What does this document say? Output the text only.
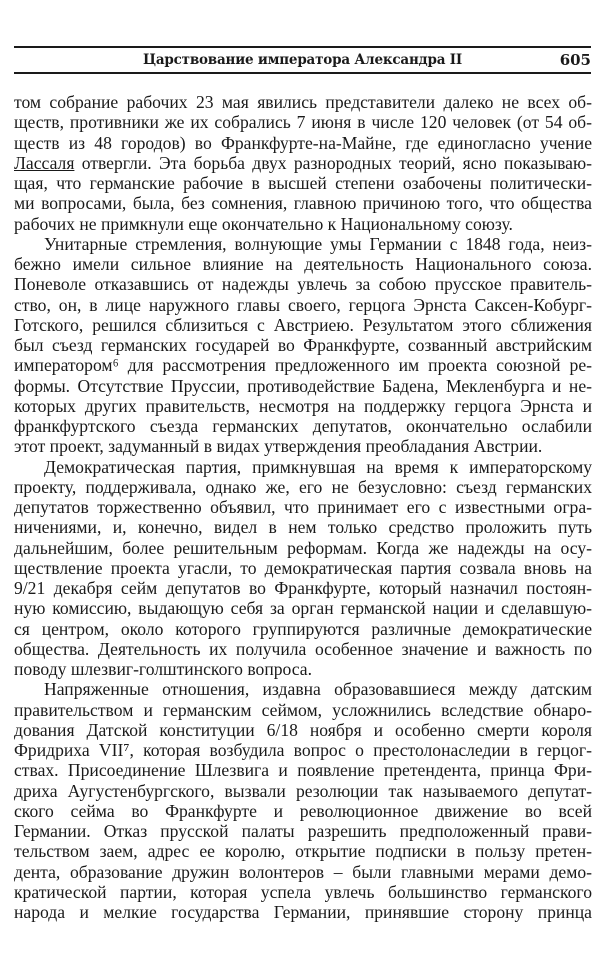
Царствование императора Александра II	605
том собрание рабочих 23 мая явились представители далеко не всех об-
ществ, противники же их собрались 7 июня в числе 120 человек (от 54 об-
ществ из 48 городов) во Франкфурте-на-Майне, где единогласно учение
Лассаля отвергли. Эта борьба двух разнородных теорий, ясно показываю-
щая, что германские рабочие в высшей степени озабочены политически-
ми вопросами, была, без сомнения, главною причиною того, что общества
рабочих не примкнули еще окончательно к Национальному союзу.
Унитарные стремления, волнующие умы Германии с 1848 года, неиз-
бежно имели сильное влияние на деятельность Национального союза.
Поневоле отказавшись от надежды увлечь за собою прусское правитель-
ство, он, в лице наружного главы своего, герцога Эрнста Саксен-Кобург-
Готского, решился сблизиться с Австриею. Результатом этого сближения
был съезд германских государей во Франкфурте, созванный австрийским
императором⁶ для рассмотрения предложенного им проекта союзной ре-
формы. Отсутствие Пруссии, противодействие Бадена, Мекленбурга и не-
которых других правительств, несмотря на поддержку герцога Эрнста и
франкфуртского съезда германских депутатов, окончательно ослабили
этот проект, задуманный в видах утверждения преобладания Австрии.
Демократическая партия, примкнувшая на время к императорскому
проекту, поддерживала, однако же, его не безусловно: съезд германских
депутатов торжественно объявил, что принимает его с известными огра-
ничениями, и, конечно, видел в нем только средство проложить путь
дальнейшим, более решительным реформам. Когда же надежды на осу-
ществление проекта угасли, то демократическая партия созвала вновь на
9/21 декабря сейм депутатов во Франкфурте, который назначил постоян-
ную комиссию, выдающую себя за орган германской нации и сделавшую-
ся центром, около которого группируются различные демократические
общества. Деятельность их получила особенное значение и важность по
поводу шлезвиг-голштинского вопроса.
Напряженные отношения, издавна образовавшиеся между датским
правительством и германским сеймом, усложнились вследствие обнаро-
дования Датской конституции 6/18 ноября и особенно смерти короля
Фридриха VII⁷, которая возбудила вопрос о престолонаследии в герцог-
ствах. Присоединение Шлезвига и появление претендента, принца Фри-
дриха Аугустенбургского, вызвали резолюции так называемого депутат-
ского сейма во Франкфурте и революционное движение во всей
Германии. Отказ прусской палаты разрешить предположенный прави-
тельством заем, адрес ее королю, открытие подписки в пользу претен-
дента, образование дружин волонтеров – были главными мерами демо-
кратической партии, которая успела увлечь большинство германского
народа и мелкие государства Германии, принявшие сторону принца
